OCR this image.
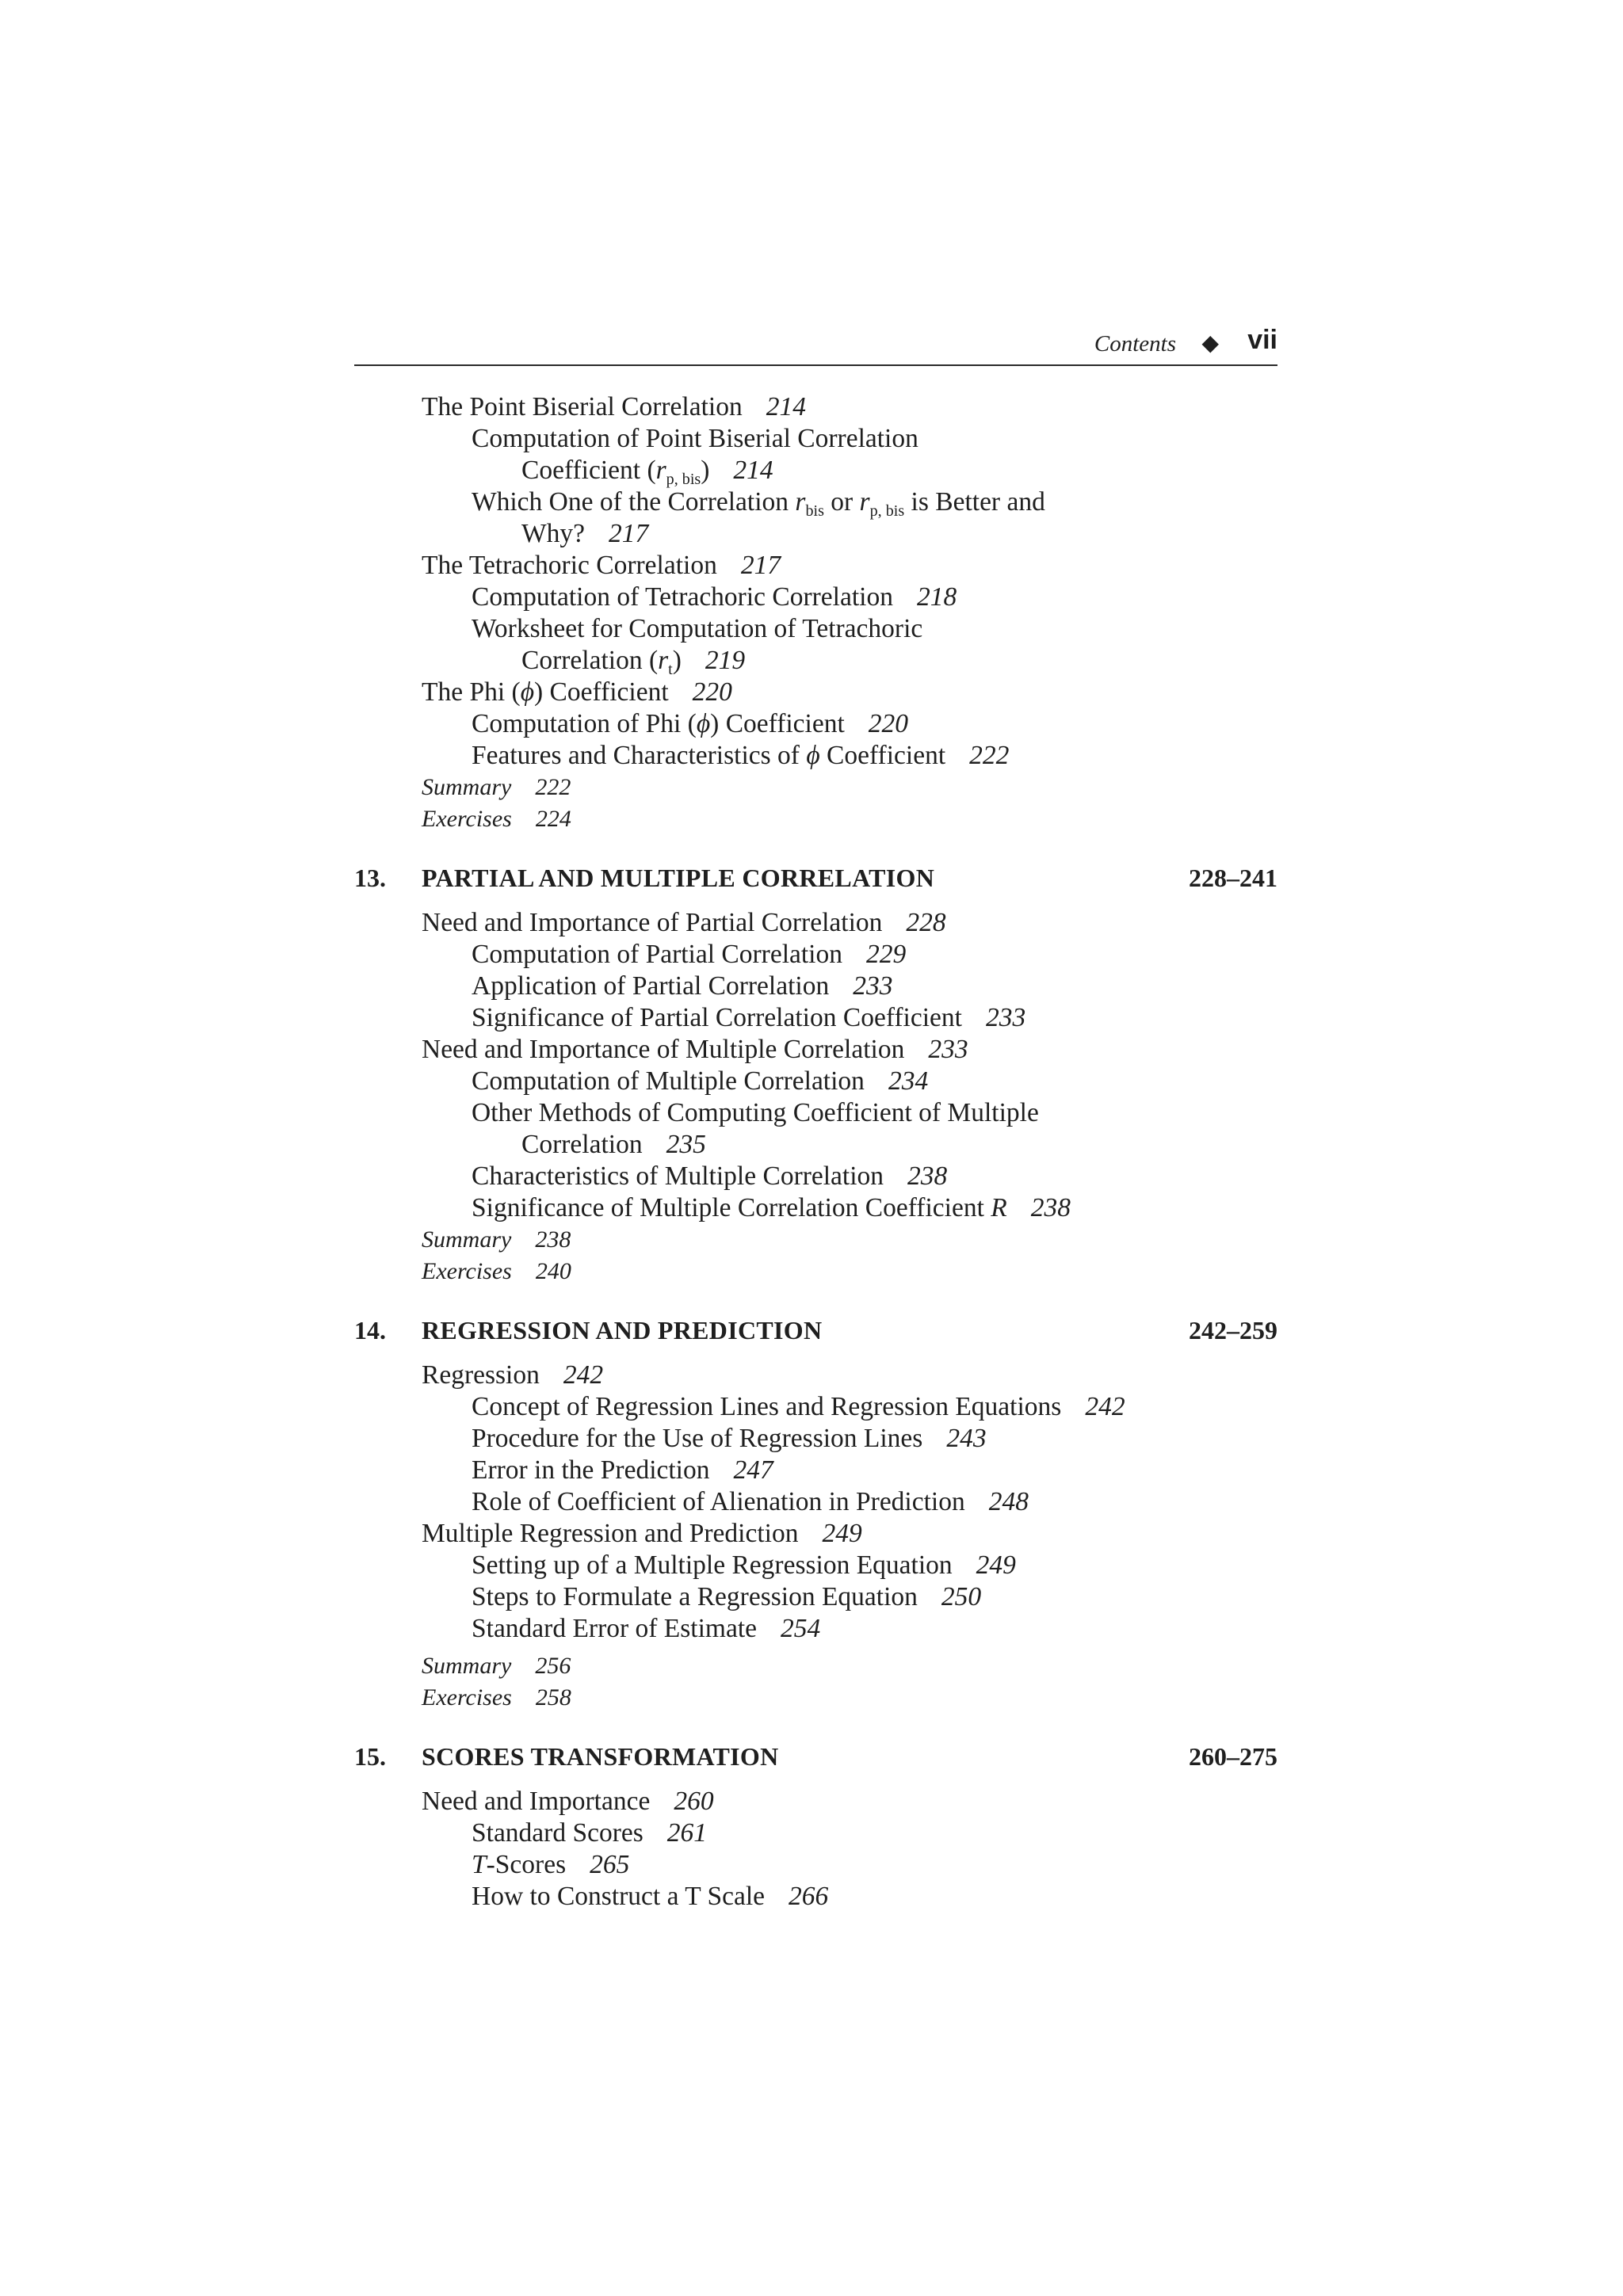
Contents ◆ vii
The Point Biserial Correlation 214
Computation of Point Biserial Correlation
Coefficient $(r_{p, bis})$ 214
Which One of the Correlation $r_{bis}$ or $r_{p, bis}$ is Better and
Why? 217
The Tetrachoric Correlation 217
Computation of Tetrachoric Correlation 218
Worksheet for Computation of Tetrachoric
Correlation $(r_t)$ 219
The Phi (ϕ) Coefficient 220
Computation of Phi (ϕ) Coefficient 220
Features and Characteristics of ϕ Coefficient 222
Summary 222
Exercises 224
13. PARTIAL AND MULTIPLE CORRELATION	228–241
Need and Importance of Partial Correlation 228
Computation of Partial Correlation 229
Application of Partial Correlation 233
Significance of Partial Correlation Coefficient 233
Need and Importance of Multiple Correlation 233
Computation of Multiple Correlation 234
Other Methods of Computing Coefficient of Multiple
Correlation 235
Characteristics of Multiple Correlation 238
Significance of Multiple Correlation Coefficient R 238
Summary 238
Exercises 240
14. REGRESSION AND PREDICTION	242–259
Regression 242
Concept of Regression Lines and Regression Equations 242
Procedure for the Use of Regression Lines 243
Error in the Prediction 247
Role of Coefficient of Alienation in Prediction 248
Multiple Regression and Prediction 249
Setting up of a Multiple Regression Equation 249
Steps to Formulate a Regression Equation 250
Standard Error of Estimate 254
Summary 256
Exercises 258
15. SCORES TRANSFORMATION	260–275
Need and Importance 260
Standard Scores 261
T-Scores 265
How to Construct a T Scale 266
